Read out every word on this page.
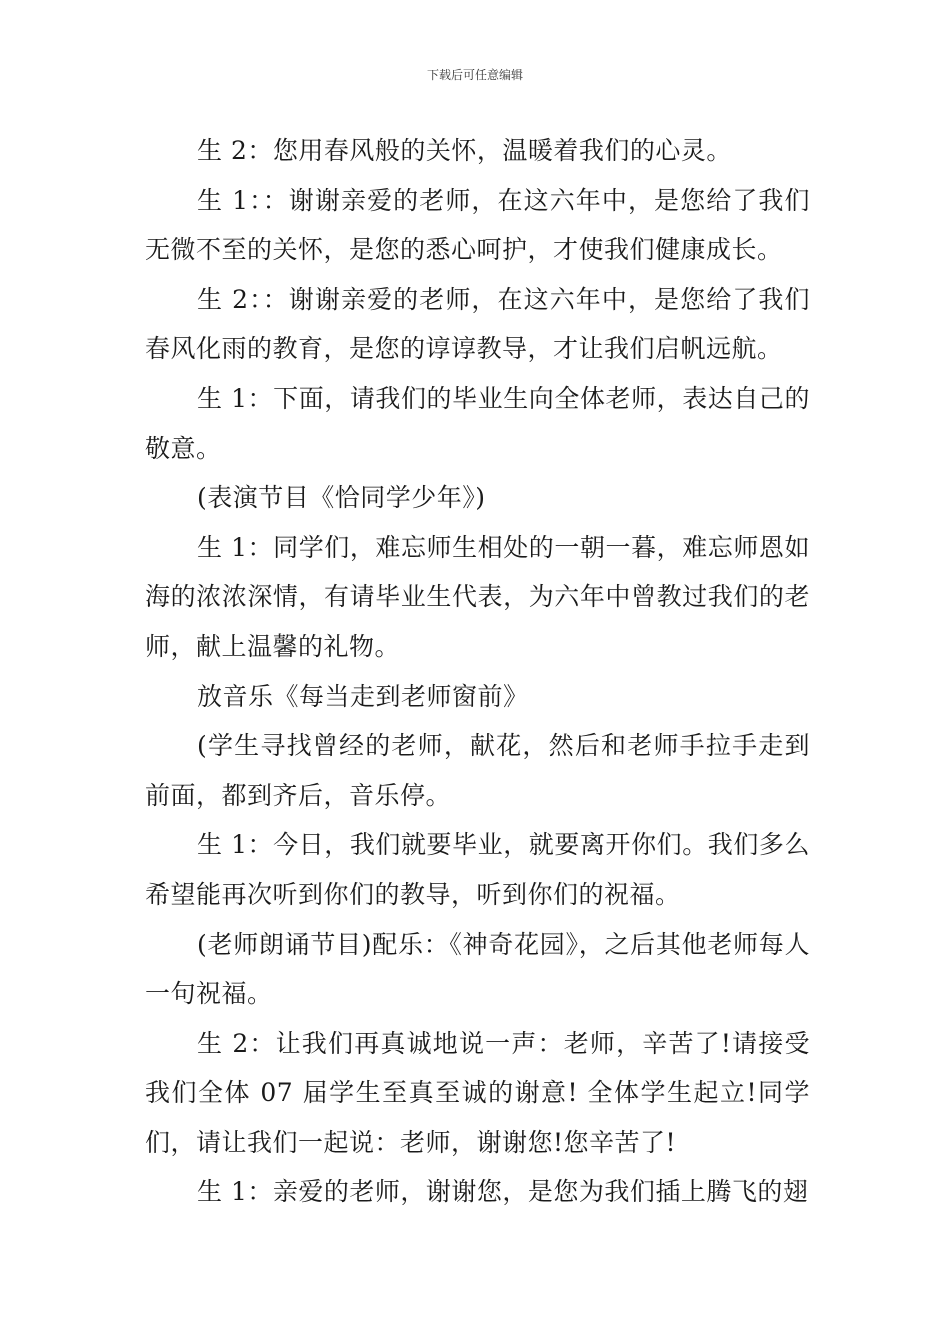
下载后可任意编辑

生 2：您用春风般的关怀，温暖着我们的心灵。

生 1：：谢谢亲爱的老师，在这六年中，是您给了我们无微不至的关怀，是您的悉心呵护，才使我们健康成长。

生 2：：谢谢亲爱的老师，在这六年中，是您给了我们春风化雨的教育，是您的谆谆教导，才让我们启帆远航。

生 1：下面，请我们的毕业生向全体老师，表达自己的敬意。

(表演节目《恰同学少年》)

生 1：同学们，难忘师生相处的一朝一暮，难忘师恩如海的浓浓深情，有请毕业生代表，为六年中曾教过我们的老师，献上温馨的礼物。

放音乐《每当走到老师窗前》

(学生寻找曾经的老师，献花，然后和老师手拉手走到前面，都到齐后，音乐停。

生 1：今日，我们就要毕业，就要离开你们。我们多么希望能再次听到你们的教导，听到你们的祝福。

(老师朗诵节目)配乐：《神奇花园》，之后其他老师每人一句祝福。

生 2：让我们再真诚地说一声：老师，辛苦了!请接受我们全体 07 届学生至真至诚的谢意! 全体学生起立!同学们，请让我们一起说：老师，谢谢您!您辛苦了!

生 1：亲爱的老师，谢谢您，是您为我们插上腾飞的翅
